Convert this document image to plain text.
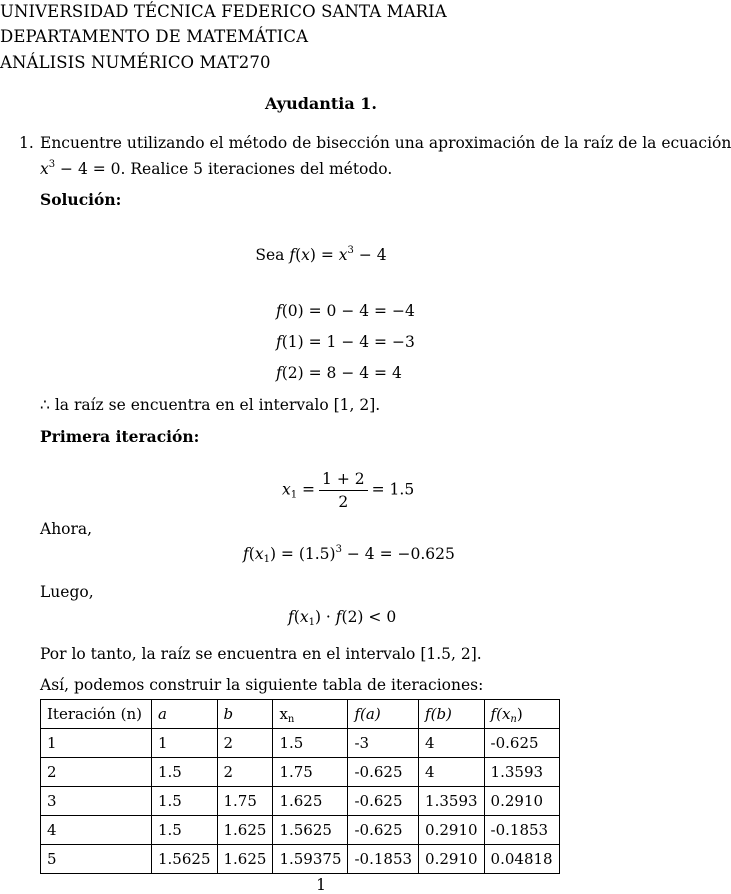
UNIVERSIDAD TÉCNICA FEDERICO SANTA MARIA
DEPARTAMENTO DE MATEMÁTICA
ANÁLISIS NUMÉRICO MAT270
Ayudantia 1.
1. Encuentre utilizando el método de bisección una aproximación de la raíz de la ecuación
$x^3 - 4 = 0$. Realice 5 iteraciones del método.
Solución:
Sea $f(x) = x^3 - 4$
f(0) = 0 − 4 = −4
f(1) = 1 − 4 = −3
f(2) = 8 − 4 = 4
∴ la raíz se encuentra en el intervalo [1, 2].
Primera iteración:
$x_1 = \frac{1 + 2}{2} = 1.5$
Ahora,
$f(x_1) = (1.5)^3 - 4 = -0.625$
Luego,
$f(x_1) \cdot f(2) < 0$
Por lo tanto, la raíz se encuentra en el intervalo [1.5, 2].
Así, podemos construir la siguiente tabla de iteraciones:
Iteración (n)	a	b	$x_n$	f(a)	f(b)	$f(x_n)$
1	1	2	1.5	-3	4	-0.625
2	1.5	2	1.75	-0.625	4	1.3593
3	1.5	1.75	1.625	-0.625	1.3593	0.2910
4	1.5	1.625	1.5625	-0.625	0.2910	-0.1853
5	1.5625	1.625	1.59375	-0.1853	0.2910	0.04818
1
